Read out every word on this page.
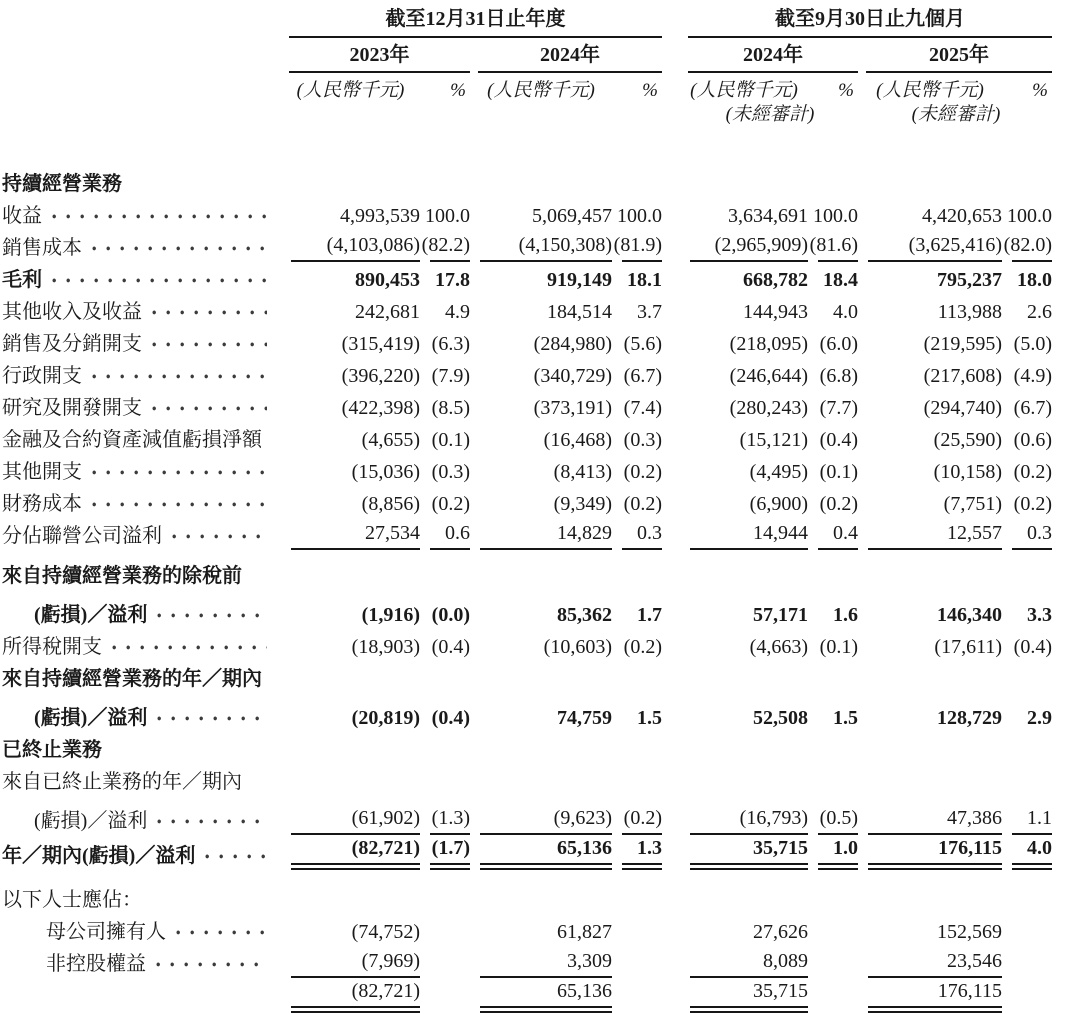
	截至12月31日止年度					截至9月30日止九個月			

	2023年		2024年			2024年		2025年	

	(人民幣千元)	%	(人民幣千元)	%		(人民幣千元)	%	(人民幣千元)	%

						(未經審計)		(未經審計)	

持續經營業務									

收益	4,993,539	100.0	5,069,457	100.0		3,634,691	100.0	4,420,653	100.0

銷售成本	(4,103,086)	(82.2)	(4,150,308)	(81.9)		(2,965,909)	(81.6)	(3,625,416)	(82.0)

毛利	890,453	17.8	919,149	18.1		668,782	18.4	795,237	18.0

其他收入及收益	242,681	4.9	184,514	3.7		144,943	4.0	113,988	2.6

銷售及分銷開支	(315,419)	(6.3)	(284,980)	(5.6)		(218,095)	(6.0)	(219,595)	(5.0)

行政開支	(396,220)	(7.9)	(340,729)	(6.7)		(246,644)	(6.8)	(217,608)	(4.9)

研究及開發開支	(422,398)	(8.5)	(373,191)	(7.4)		(280,243)	(7.7)	(294,740)	(6.7)

金融及合約資產減值虧損淨額	(4,655)	(0.1)	(16,468)	(0.3)		(15,121)	(0.4)	(25,590)	(0.6)

其他開支	(15,036)	(0.3)	(8,413)	(0.2)		(4,495)	(0.1)	(10,158)	(0.2)

財務成本	(8,856)	(0.2)	(9,349)	(0.2)		(6,900)	(0.2)	(7,751)	(0.2)

分佔聯營公司溢利	27,534	0.6	14,829	0.3		14,944	0.4	12,557	0.3

來自持續經營業務的除稅前									

(虧損)／溢利	(1,916)	(0.0)	85,362	1.7		57,171	1.6	146,340	3.3

所得稅開支	(18,903)	(0.4)	(10,603)	(0.2)		(4,663)	(0.1)	(17,611)	(0.4)

來自持續經營業務的年／期內									

(虧損)／溢利	(20,819)	(0.4)	74,759	1.5		52,508	1.5	128,729	2.9

已終止業務									
來自已終止業務的年／期內									

(虧損)／溢利	(61,902)	(1.3)	(9,623)	(0.2)		(16,793)	(0.5)	47,386	1.1

年／期內(虧損)／溢利	(82,721)	(1.7)	65,136	1.3		35,715	1.0	176,115	4.0

以下人士應佔：									

母公司擁有人	(74,752)		61,827			27,626		152,569	

非控股權益	(7,969)		3,309			8,089		23,546	

(82,721)		65,136			35,715		176,115	
